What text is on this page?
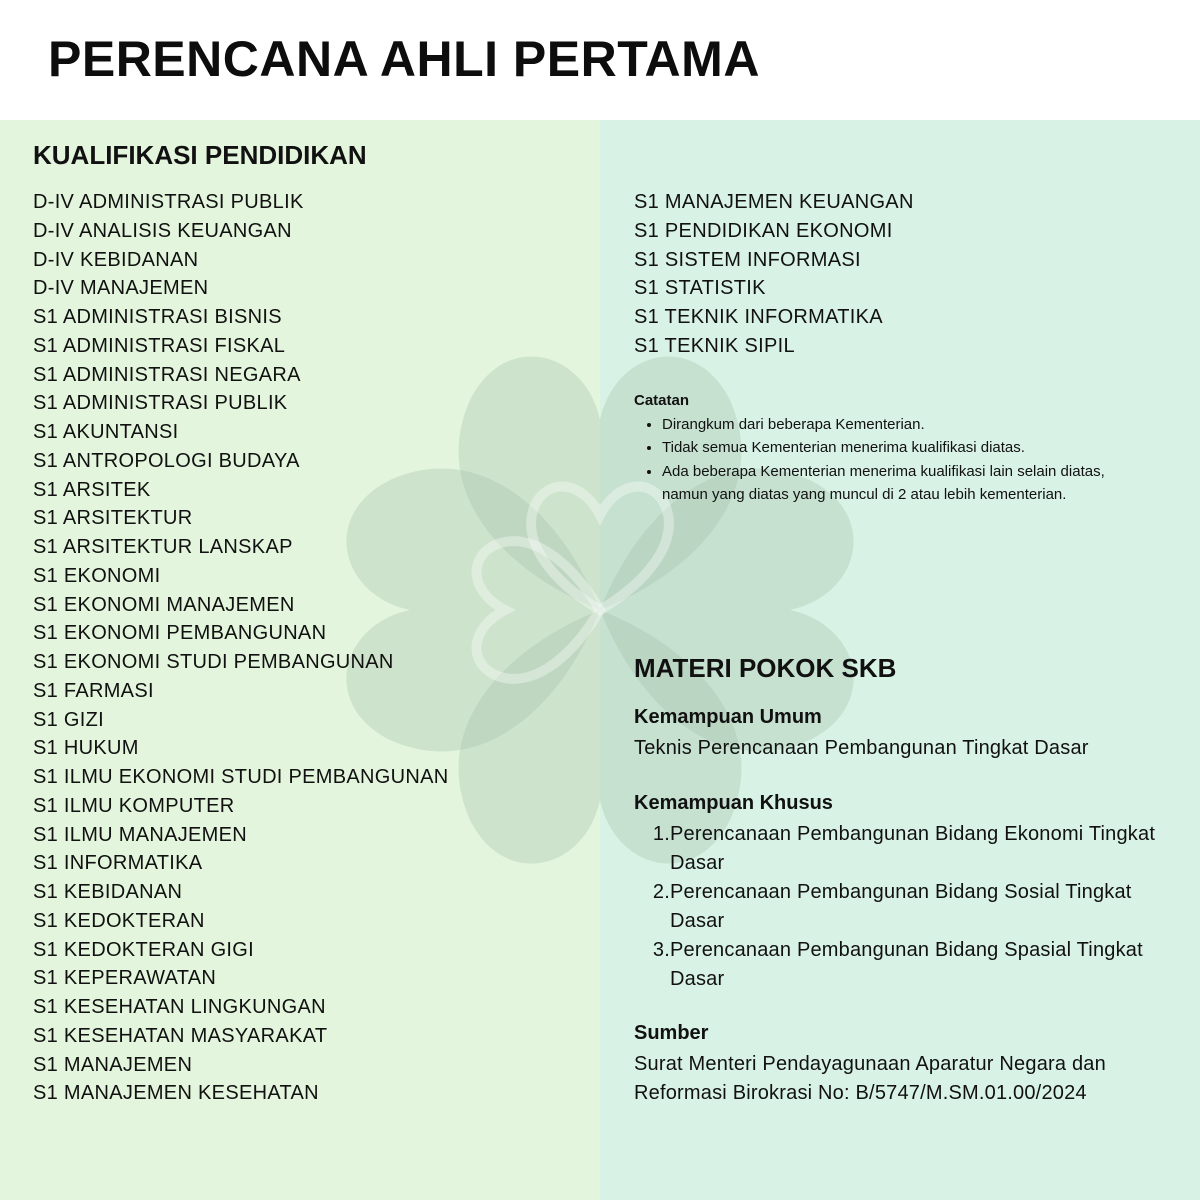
PERENCANA AHLI PERTAMA
KUALIFIKASI PENDIDIKAN
D-IV ADMINISTRASI PUBLIK
D-IV ANALISIS KEUANGAN
D-IV KEBIDANAN
D-IV MANAJEMEN
S1 ADMINISTRASI BISNIS
S1 ADMINISTRASI FISKAL
S1 ADMINISTRASI NEGARA
S1 ADMINISTRASI PUBLIK
S1 AKUNTANSI
S1 ANTROPOLOGI BUDAYA
S1 ARSITEK
S1 ARSITEKTUR
S1 ARSITEKTUR LANSKAP
S1 EKONOMI
S1 EKONOMI MANAJEMEN
S1 EKONOMI PEMBANGUNAN
S1 EKONOMI STUDI PEMBANGUNAN
S1 FARMASI
S1 GIZI
S1 HUKUM
S1 ILMU EKONOMI STUDI PEMBANGUNAN
S1 ILMU KOMPUTER
S1 ILMU MANAJEMEN
S1 INFORMATIKA
S1 KEBIDANAN
S1 KEDOKTERAN
S1 KEDOKTERAN GIGI
S1 KEPERAWATAN
S1 KESEHATAN LINGKUNGAN
S1 KESEHATAN MASYARAKAT
S1 MANAJEMEN
S1 MANAJEMEN KESEHATAN
S1 MANAJEMEN KEUANGAN
S1 PENDIDIKAN EKONOMI
S1 SISTEM INFORMASI
S1 STATISTIK
S1 TEKNIK INFORMATIKA
S1 TEKNIK SIPIL

Catatan

• Dirangkum dari beberapa Kementerian.
• Tidak semua Kementerian menerima kualifikasi diatas.
• Ada beberapa Kementerian menerima kualifikasi lain selain diatas, namun yang diatas yang muncul di 2 atau lebih kementerian.
MATERI POKOK SKB

Kemampuan Umum

Teknis Perencanaan Pembangunan Tingkat Dasar

Kemampuan Khusus

1. Perencanaan Pembangunan Bidang Ekonomi Tingkat Dasar
2. Perencanaan Pembangunan Bidang Sosial Tingkat Dasar
3. Perencanaan Pembangunan Bidang Spasial Tingkat Dasar

Sumber

Surat Menteri Pendayagunaan Aparatur Negara dan Reformasi Birokrasi No: B/5747/M.SM.01.00/2024
